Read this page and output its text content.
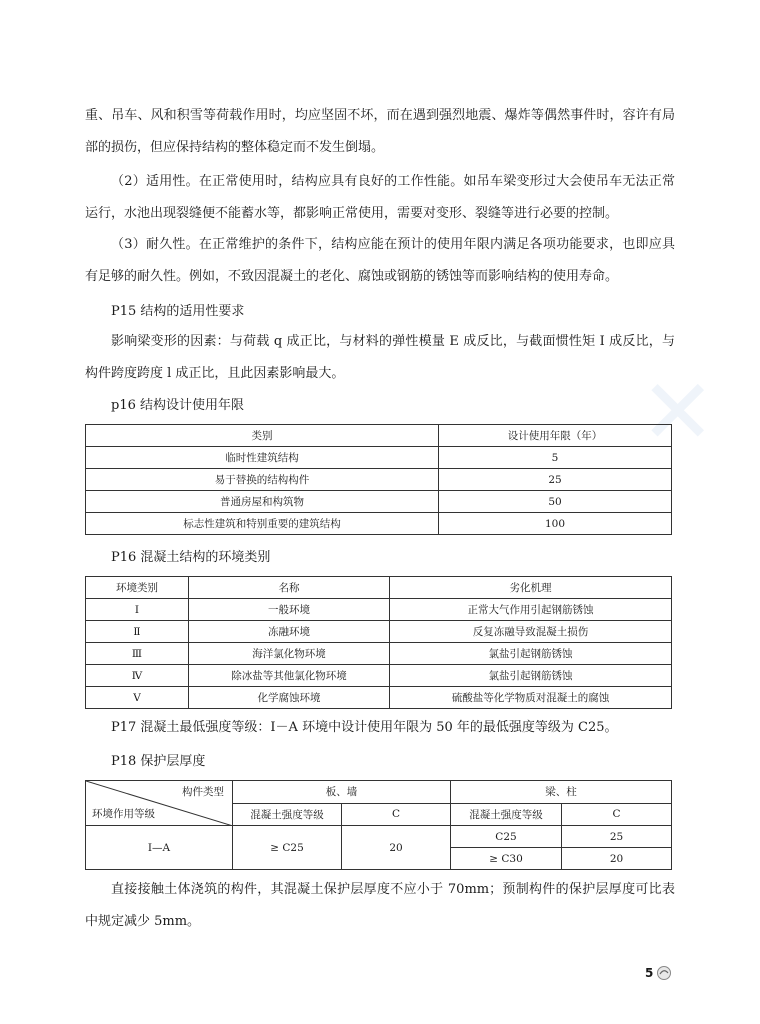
✕

重、吊车、风和积雪等荷载作用时，均应坚固不坏，而在遇到强烈地震、爆炸等偶然事件时，容许有局部的损伤，但应保持结构的整体稳定而不发生倒塌。

（2）适用性。在正常使用时，结构应具有良好的工作性能。如吊车梁变形过大会使吊车无法正常运行，水池出现裂缝便不能蓄水等，都影响正常使用，需要对变形、裂缝等进行必要的控制。

（3）耐久性。在正常维护的条件下，结构应能在预计的使用年限内满足各项功能要求，也即应具有足够的耐久性。例如，不致因混凝土的老化、腐蚀或钢筋的锈蚀等而影响结构的使用寿命。

P15 结构的适用性要求

影响梁变形的因素：与荷载 q 成正比，与材料的弹性模量 E 成反比，与截面惯性矩 I 成反比，与构件跨度跨度 l 成正比，且此因素影响最大。

p16 结构设计使用年限

类别	设计使用年限（年）
临时性建筑结构	5
易于替换的结构构件	25
普通房屋和构筑物	50
标志性建筑和特别重要的建筑结构	100

P16 混凝土结构的环境类别

环境类别	名称	劣化机理
Ⅰ	一般环境	正常大气作用引起钢筋锈蚀
Ⅱ	冻融环境	反复冻融导致混凝土损伤
Ⅲ	海洋氯化物环境	氯盐引起钢筋锈蚀
Ⅳ	除冰盐等其他氯化物环境	氯盐引起钢筋锈蚀
Ⅴ	化学腐蚀环境	硫酸盐等化学物质对混凝土的腐蚀

P17 混凝土最低强度等级：Ⅰ－A 环境中设计使用年限为 50 年的最低强度等级为 C25。

P18 保护层厚度

构件类型
环境作用等级	板、墙		梁、柱	
	混凝土强度等级	C	混凝土强度等级	C
Ⅰ—A	≥ C25	20	C25	25
			≥ C30	20

直接接触土体浇筑的构件，其混凝土保护层厚度不应小于 70mm；预制构件的保护层厚度可比表中规定减少 5mm。

5
